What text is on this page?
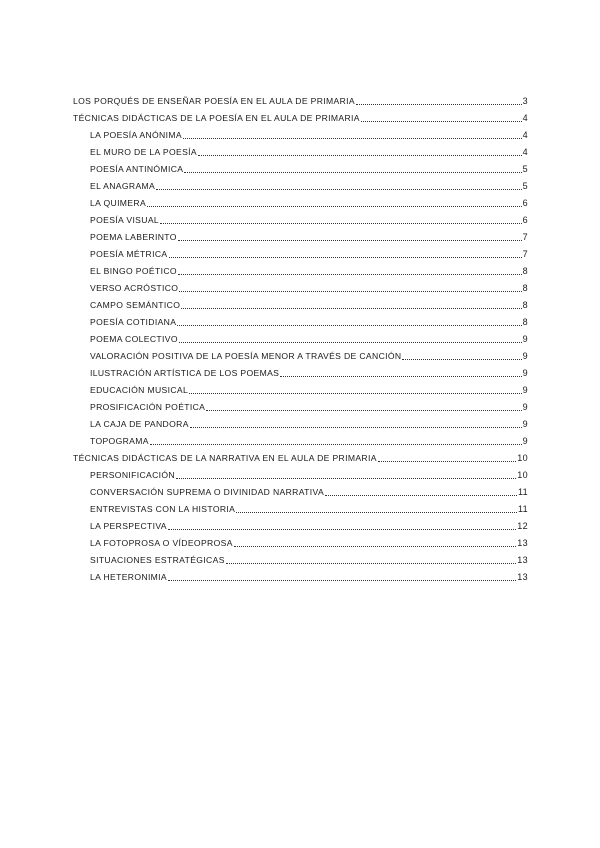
LOS PORQUÉS DE ENSEÑAR POESÍA EN EL AULA DE PRIMARIA	3
TÉCNICAS DIDÁCTICAS DE LA POESÍA EN EL AULA DE PRIMARIA	4
LA POESÍA ANÓNIMA	4
EL MURO DE LA POESÍA	4
POESÍA ANTINÓMICA	5
EL ANAGRAMA	5
LA QUIMERA	6
POESÍA VISUAL	6
POEMA LABERINTO	7
POESÍA MÉTRICA	7
EL BINGO POÉTICO	8
VERSO ACRÓSTICO	8
CAMPO SEMÁNTICO	8
POESÍA COTIDIANA	8
POEMA COLECTIVO	9
VALORACIÓN POSITIVA DE LA POESÍA MENOR A TRAVÉS DE CANCIÓN	9
ILUSTRACIÓN ARTÍSTICA DE LOS POEMAS	9
EDUCACIÓN MUSICAL	9
PROSIFICACIÓN POÉTICA	9
LA CAJA DE PANDORA	9
TOPOGRAMA	9
TÉCNICAS DIDÁCTICAS DE LA NARRATIVA EN EL AULA DE PRIMARIA	10
PERSONIFICACIÓN	10
CONVERSACIÓN SUPREMA O DIVINIDAD NARRATIVA	11
ENTREVISTAS CON LA HISTORIA	11
LA PERSPECTIVA	12
LA FOTOPROSA O VÍDEOPROSA	13
SITUACIONES ESTRATÉGICAS	13
LA HETERONIMIA	13
